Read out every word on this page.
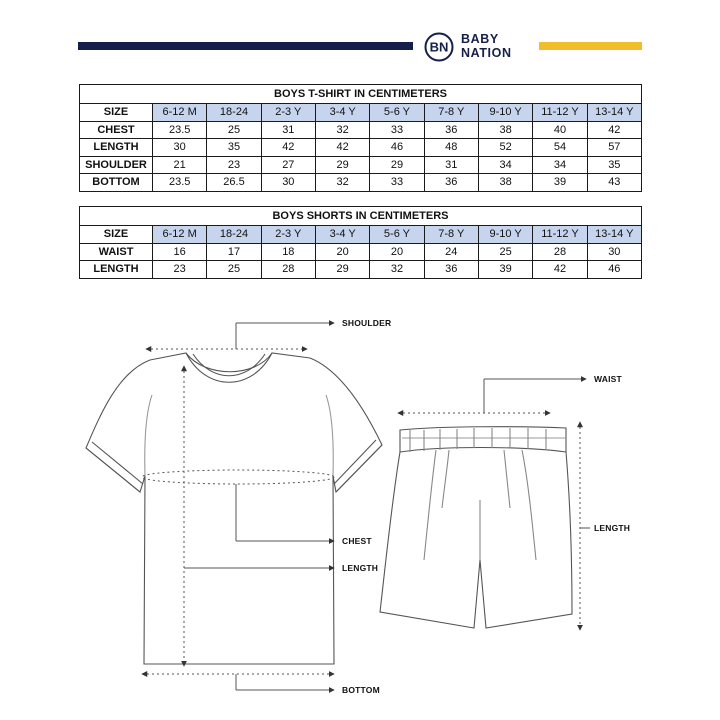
BN
BABY
NATION
BOYS T-SHIRT IN CENTIMETERS									
SIZE	6-12 M	18-24	2-3 Y	3-4 Y	5-6 Y	7-8 Y	9-10 Y	11-12 Y	13-14 Y
CHEST	23.5	25	31	32	33	36	38	40	42
LENGTH	30	35	42	42	46	48	52	54	57
SHOULDER	21	23	27	29	29	31	34	34	35
BOTTOM	23.5	26.5	30	32	33	36	38	39	43
BOYS SHORTS IN CENTIMETERS									
SIZE	6-12 M	18-24	2-3 Y	3-4 Y	5-6 Y	7-8 Y	9-10 Y	11-12 Y	13-14 Y
WAIST	16	17	18	20	20	24	25	28	30
LENGTH	23	25	28	29	32	36	39	42	46
SHOULDER
CHEST
LENGTH
BOTTOM
WAIST
LENGTH
